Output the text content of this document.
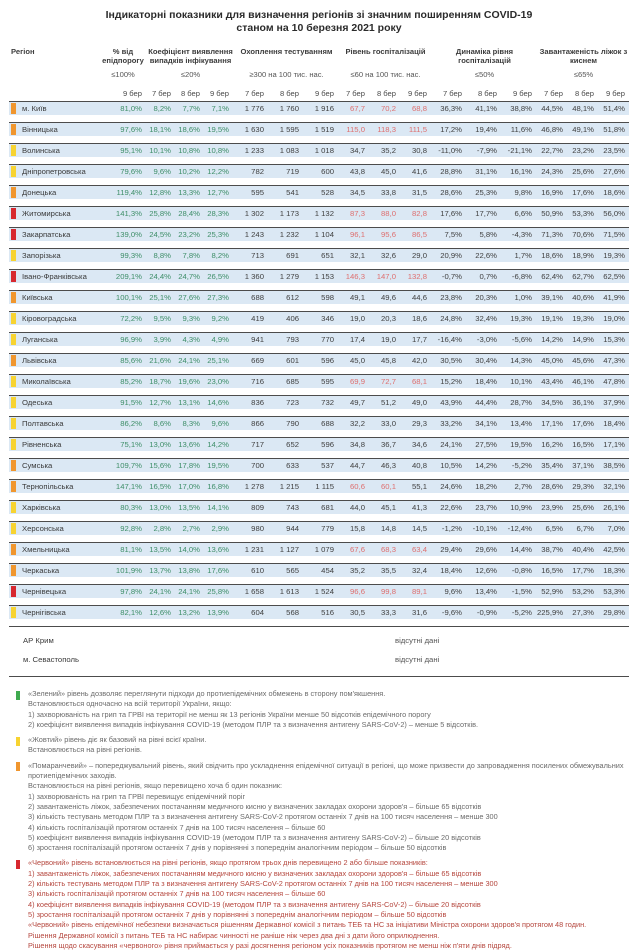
Індикаторні показники для визначення регіонів зі значним поширенням COVID-19
станом на 10 березня 2021 року
Регіон	% від епідпорогу
≤100%
Коефіцієнт виявлення випадків інфікування
≤20%
Охоплення тестуванням
≥300 на 100 тис. нас.
Рівень госпіталізацій
≤60 на 100 тис. нас.
Динаміка рівня госпіталізацій
≤50%
Завантаженість ліжок з киснем
≤65%
9 бер	7 бер	8 бер	9 бер	7 бер	8 бер	9 бер	7 бер	8 бер	9 бер	7 бер	8 бер	9 бер	7 бер	8 бер	9 бер
м. Київ	81,0%	8,2%	7,7%	7,1%	1 776	1 760	1 916	67,7	70,2	68,8	36,3%	41,1%	38,8%	44,5%	48,1%	51,4%
Вінницька	97,6% 18,1% 18,6% 19,5%	1 630	1 595	1 519	115,0	118,3	111,5	17,2%	19,4%	11,6%	46,8%	49,1%	51,8%
Волинська	95,1% 10,1% 10,8% 10,8%	1 233	1 083	1 018	34,7	35,2	30,8	-11,0%	-7,9%	-21,1%	22,7%	23,2%	23,5%
Дніпропетровська	79,6%	9,6% 10,2% 12,2%	782	719	600	43,8	45,0	41,6	28,8%	31,1%	16,1%	24,3%	25,6%	27,6%
Донецька	119,4% 12,8% 13,3% 12,7%	595	541	528	34,5	33,8	31,5	28,6%	25,3%	9,8%	16,9%	17,6%	18,6%
Житомирська	141,3% 25,8% 28,4% 28,3%	1 302	1 173	1 132	87,3	88,0	82,8	17,6%	17,7%	6,6%	50,9%	53,3%	56,0%
Закарпатська	139,0% 24,5% 23,2% 25,3%	1 243	1 232	1 104	96,1	95,6	86,5	7,5%	5,8%	-4,3%	71,3%	70,6%	71,5%
Запорізька	99,3%	8,8%	7,8%	8,2%	713	691	651	32,1	32,6	29,0	20,9%	22,6%	1,7%	18,6%	18,9%	19,3%
Івано-Франківська	209,1% 24,4% 24,7% 26,5%	1 360	1 279	1 153	146,3	147,0	132,8	-0,7%	0,7%	-6,8%	62,4%	62,7%	62,5%
Київська	100,1% 25,1% 27,6% 27,3%	688	612	598	49,1	49,6	44,6	23,8%	20,3%	1,0%	39,1%	40,6%	41,9%
Кіровоградська	72,2%	9,5%	9,3%	9,2%	419	406	346	19,0	20,3	18,6	24,8%	32,4%	19,3%	19,1%	19,3%	19,0%
Луганська	96,9%	3,9%	4,3%	4,9%	941	793	770	17,4	19,0	17,7	-16,4%	-3,0%	-5,6%	14,2%	14,9%	15,3%
Львівська	85,6% 21,6% 24,1% 25,1%	669	601	596	45,0	45,8	42,0	30,5%	30,4%	14,3%	45,0%	45,6%	47,3%
Миколаївська	85,2% 18,7% 19,6% 23,0%	716	685	595	69,9	72,7	68,1	15,2%	18,4%	10,1%	43,4%	46,1%	47,8%
Одеська	91,5% 12,7% 13,1% 14,6%	836	723	732	49,7	51,2	49,0	43,9%	44,4%	28,7%	34,5%	36,1%	37,9%
Полтавська	86,2%	8,6%	8,3%	9,6%	866	790	688	32,2	33,0	29,3	33,2%	34,1%	13,4%	17,1%	17,6%	18,4%
Рівненська	75,1% 13,0% 13,6% 14,2%	717	652	596	34,8	36,7	34,6	24,1%	27,5%	19,5%	16,2%	16,5%	17,1%
Сумська	109,7% 15,6% 17,8% 19,5%	700	633	537	44,7	46,3	40,8	10,5%	14,2%	-5,2%	35,4%	37,1%	38,5%
Тернопільська	147,1% 16,5% 17,0% 16,8%	1 278	1 215	1 115	60,6	60,1	55,1	24,6%	18,2%	2,7%	28,6%	29,3%	32,1%
Харківська	80,3% 13,0% 13,5% 14,1%	809	743	681	44,0	45,1	41,3	22,6%	23,7%	10,9%	23,9%	25,6%	26,1%
Херсонська	92,8%	2,8%	2,7%	2,9%	980	944	779	15,8	14,8	14,5	-1,2%	-10,1%	-12,4%	6,5%	6,7%	7,0%
Хмельницька	81,1% 13,5% 14,0% 13,6%	1 231	1 127	1 079	67,6	68,3	63,4	29,4%	29,6%	14,4%	38,7%	40,4%	42,5%
Черкаська	101,9% 13,7% 13,8% 17,6%	610	565	454	35,2	35,5	32,4	18,4%	12,6%	-0,8%	16,5%	17,7%	18,3%
Чернівецька	97,8% 24,1% 24,1% 25,8%	1 658	1 613	1 524	96,6	99,8	89,1	9,6%	13,4%	-1,5%	52,9%	53,2%	53,3%
Чернігівська	82,1% 12,6% 13,2% 13,9%	604	568	516	30,5	33,3	31,6	-9,6%	-0,9%	-5,2% 225,9%	27,3%	29,8%
АР Крим	відсутні дані
м. Севастополь	відсутні дані
«Зелений» рівень дозволяє переглянути підходи до протиепідемічних обмежень в сторону пом'якшення.
Встановлюється одночасно на всій території України, якщо:
1) захворюваність на грип та ГРВІ на території не менш як 13 регіонів України менше 50 відсотків епідемічного порогу
2) коефіцієнт виявлення випадків інфікування COVID-19 (методом ПЛР та з визначення антигену SARS-CoV-2) – менше 5 відсотків.
«Жовтий» рівень діє як базовий на рівні всієї країни.
Встановлюється на рівні регіонів.
«Помаранчевий» – попереджувальний рівень, який свідчить про ускладнення епідемічної ситуації в регіоні, що може призвести до запровадження посилених обмежувальних протиепідемічних заходів.
Встановлюється на рівні регіонів, якщо перевищено хоча б один показник:
1) захворюваність на грип та ГРВІ перевищує епідемічний поріг
2) завантаженість ліжок, забезпечених постачанням медичного кисню у визначених закладах охорони здоров'я – більше 65 відсотків
3) кількість тестувань методом ПЛР та з визначення антигену SARS-CoV-2 протягом останніх 7 днів на 100 тисяч населення – менше 300
4) кількість госпіталізацій протягом останніх 7 днів на 100 тисяч населення – більше 60
5) коефіцієнт виявлення випадків інфікування COVID-19 (методом ПЛР та з визначення антигену SARS-CoV-2) – більше 20 відсотків
6) зростання госпіталізацій протягом останніх 7 днів у порівнянні з попереднім аналогічним періодом – більше 50 відсотків
«Червоний» рівень встановлюється на рівні регіонів, якщо протягом трьох днів перевищено 2 або більше показників:
1) завантаженість ліжок, забезпечених постачанням медичного кисню у визначених закладах охорони здоров'я – більше 65 відсотків
2) кількість тестувань методом ПЛР та з визначення антигену SARS-CoV-2 протягом останніх 7 днів на 100 тисяч населення – менше 300
3) кількість госпіталізацій протягом останніх 7 днів на 100 тисяч населення – більше 60
4) коефіцієнт виявлення випадків інфікування COVID-19 (методом ПЛР та з визначення антигену SARS-CoV-2) – більше 20 відсотків
5) зростання госпіталізацій протягом останніх 7 днів у порівнянні з попереднім аналогічним періодом – більше 50 відсотків
«Червоний» рівень епідемічної небезпеки визначається рішенням Державної комісії з питань ТЕБ та НС за ініціативи Міністра охорони здоров'я протягом 48 годин.
Рішення Державної комісії з питань ТЕБ та НС набирає чинності не раніше ніж через два дні з дати його оприлюднення.
Рішення щодо скасування «червоного» рівня приймається у разі досягнення регіоном усіх показників протягом не менш ніж п'яти днів підряд.
